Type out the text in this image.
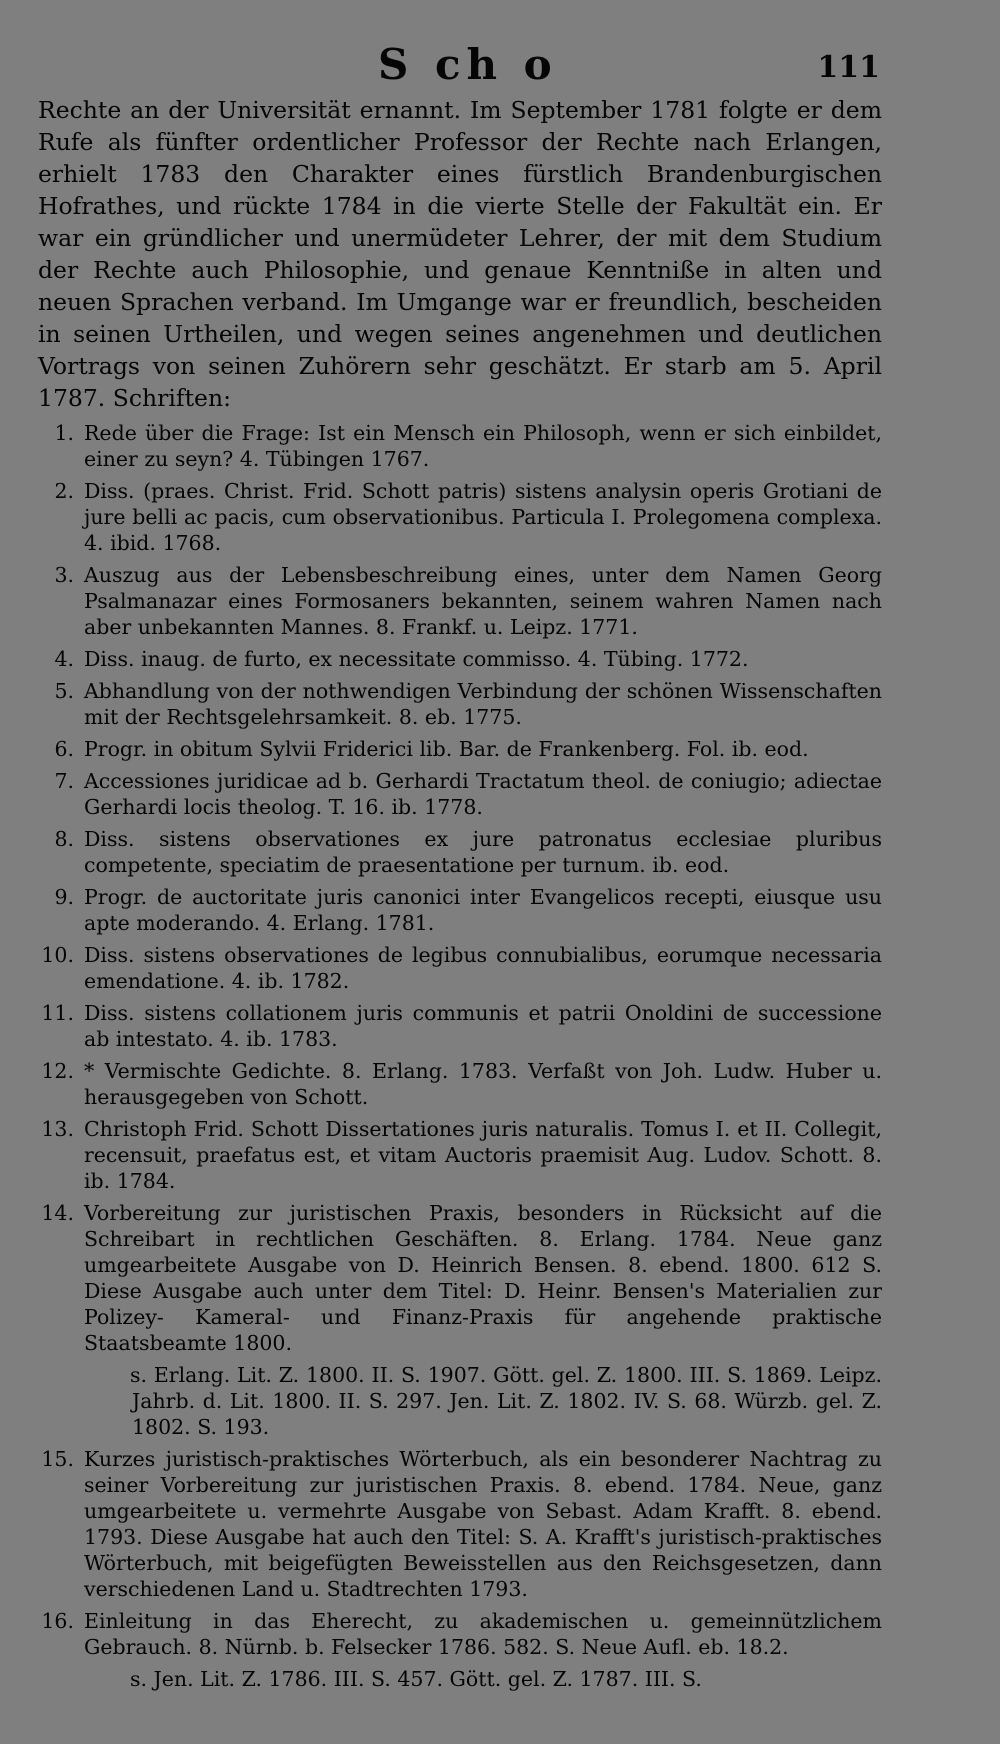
S ch o	111

Rechte an der Universität ernannt. Im September 1781 folgte er dem Rufe als fünfter ordentlicher Professor der Rechte nach Erlangen, erhielt 1783 den Charakter eines fürstlich Brandenburgischen Hofrathes, und rückte 1784 in die vierte Stelle der Fakultät ein. Er war ein gründlicher und unermüdeter Lehrer, der mit dem Studium der Rechte auch Philosophie, und genaue Kenntniße in alten und neuen Sprachen verband. Im Umgange war er freundlich, bescheiden in seinen Urtheilen, und wegen seines angenehmen und deutlichen Vortrags von seinen Zuhörern sehr geschätzt. Er starb am 5. April 1787. Schriften:

1. Rede über die Frage: Ist ein Mensch ein Philosoph, wenn er sich einbildet, einer zu seyn? 4. Tübingen 1767.
2. Diss. (praes. Christ. Frid. Schott patris) sistens analysin operis Grotiani de jure belli ac pacis, cum observationibus. Particula I. Prolegomena complexa. 4. ibid. 1768.
3. Auszug aus der Lebensbeschreibung eines, unter dem Namen Georg Psalmanazar eines Formosaners bekannten, seinem wahren Namen nach aber unbekannten Mannes. 8. Frankf. u. Leipz. 1771.
4. Diss. inaug. de furto, ex necessitate commisso. 4. Tübing. 1772.
5. Abhandlung von der nothwendigen Verbindung der schönen Wissenschaften mit der Rechtsgelehrsamkeit. 8. eb. 1775.
6. Progr. in obitum Sylvii Friderici lib. Bar. de Frankenberg. Fol. ib. eod.
7. Accessiones juridicae ad b. Gerhardi Tractatum theol. de coniugio; adiectae Gerhardi locis theolog. T. 16. ib. 1778.
8. Diss. sistens observationes ex jure patronatus ecclesiae pluribus competente, speciatim de praesentatione per turnum. ib. eod.
9. Progr. de auctoritate juris canonici inter Evangelicos recepti, eiusque usu apte moderando. 4. Erlang. 1781.
10. Diss. sistens observationes de legibus connubialibus, eorumque necessaria emendatione. 4. ib. 1782.
11. Diss. sistens collationem juris communis et patrii Onoldini de successione ab intestato. 4. ib. 1783.
12. * Vermischte Gedichte. 8. Erlang. 1783. Verfaßt von Joh. Ludw. Huber u. herausgegeben von Schott.
13. Christoph Frid. Schott Dissertationes juris naturalis. Tomus I. et II. Collegit, recensuit, praefatus est, et vitam Auctoris praemisit Aug. Ludov. Schott. 8. ib. 1784.
14. Vorbereitung zur juristischen Praxis, besonders in Rücksicht auf die Schreibart in rechtlichen Geschäften. 8. Erlang. 1784. Neue ganz umgearbeitete Ausgabe von D. Heinrich Bensen. 8. ebend. 1800. 612 S. Diese Ausgabe auch unter dem Titel: D. Heinr. Bensen's Materialien zur Polizey- Kameral- und Finanz-Praxis für angehende praktische Staatsbeamte 1800.
s. Erlang. Lit. Z. 1800. II. S. 1907. Gött. gel. Z. 1800. III. S. 1869. Leipz. Jahrb. d. Lit. 1800. II. S. 297. Jen. Lit. Z. 1802. IV. S. 68. Würzb. gel. Z. 1802. S. 193.
15. Kurzes juristisch-praktisches Wörterbuch, als ein besonderer Nachtrag zu seiner Vorbereitung zur juristischen Praxis. 8. ebend. 1784. Neue, ganz umgearbeitete u. vermehrte Ausgabe von Sebast. Adam Krafft. 8. ebend. 1793. Diese Ausgabe hat auch den Titel: S. A. Krafft's juristisch-praktisches Wörterbuch, mit beigefügten Beweisstellen aus den Reichsgesetzen, dann verschiedenen Land u. Stadtrechten 1793.
16. Einleitung in das Eherecht, zu akademischen u. gemeinnützlichem Gebrauch. 8. Nürnb. b. Felsecker 1786. 582. S. Neue Aufl. eb. 18.2.
s. Jen. Lit. Z. 1786. III. S. 457. Gött. gel. Z. 1787. III. S.
